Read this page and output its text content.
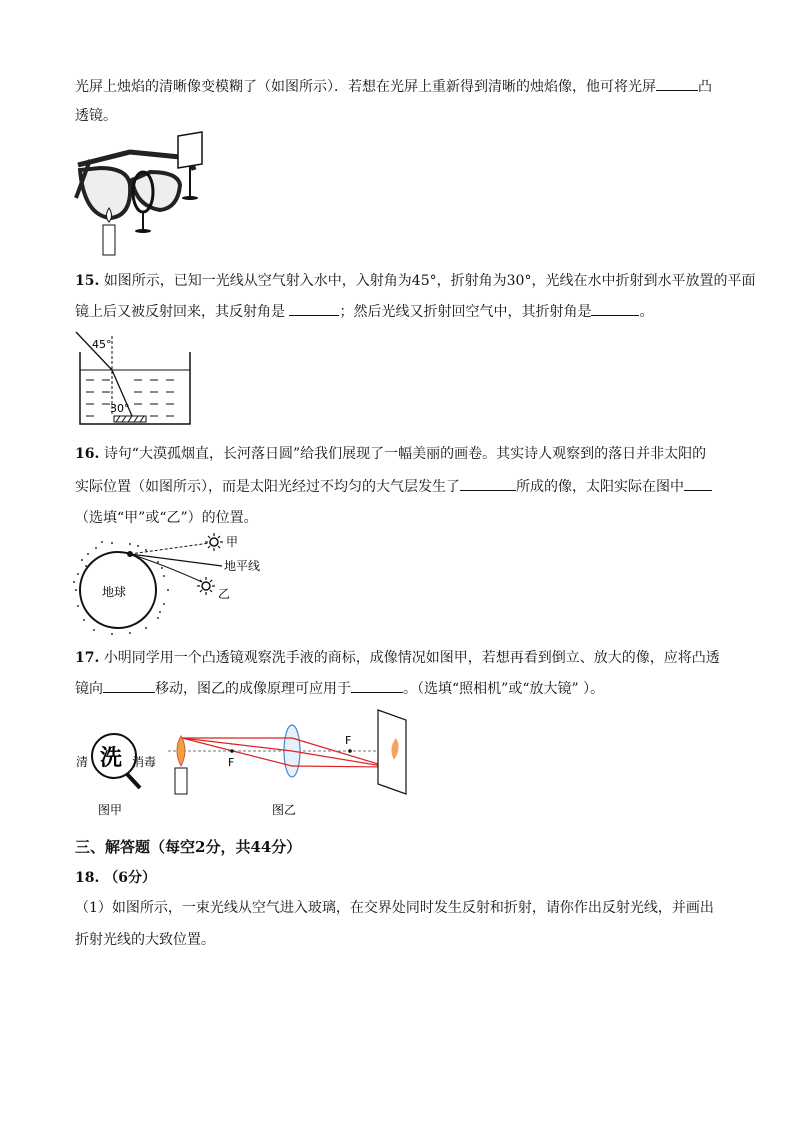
光屏上烛焰的清晰像变模糊了（如图所示）．若想在光屏上重新得到清晰的烛焰像，他可将光屏	凸
透镜。
15. 如图所示，已知一光线从空气射入水中，入射角为45°，折射角为30°，光线在水中折射到水平放置的平面
镜上后又被反射回来，其反射角是	；然后光线又折射回空气中，其折射角是	。
45°
30°
16. 诗句“大漠孤烟直，长河落日圆”给我们展现了一幅美丽的画卷。其实诗人观察到的落日并非太阳的
实际位置（如图所示），而是太阳光经过不均匀的大气层发生了	所成的像，太阳实际在图中
（选填“甲”或“乙”）的位置。
甲
地平线
地球	乙
17. 小明同学用一个凸透镜观察洗手液的商标，成像情况如图甲，若想再看到倒立、放大的像，应将凸透
镜向	移动，图乙的成像原理可应用于	。（选填“照相机”或“放大镜” ）。
清 洗 消毒
图甲
F
F
图乙
三、解答题（每空2分，共44分）
18. （6分）
（1）如图所示，一束光线从空气进入玻璃，在交界处同时发生反射和折射，请你作出反射光线，并画出
折射光线的大致位置。
